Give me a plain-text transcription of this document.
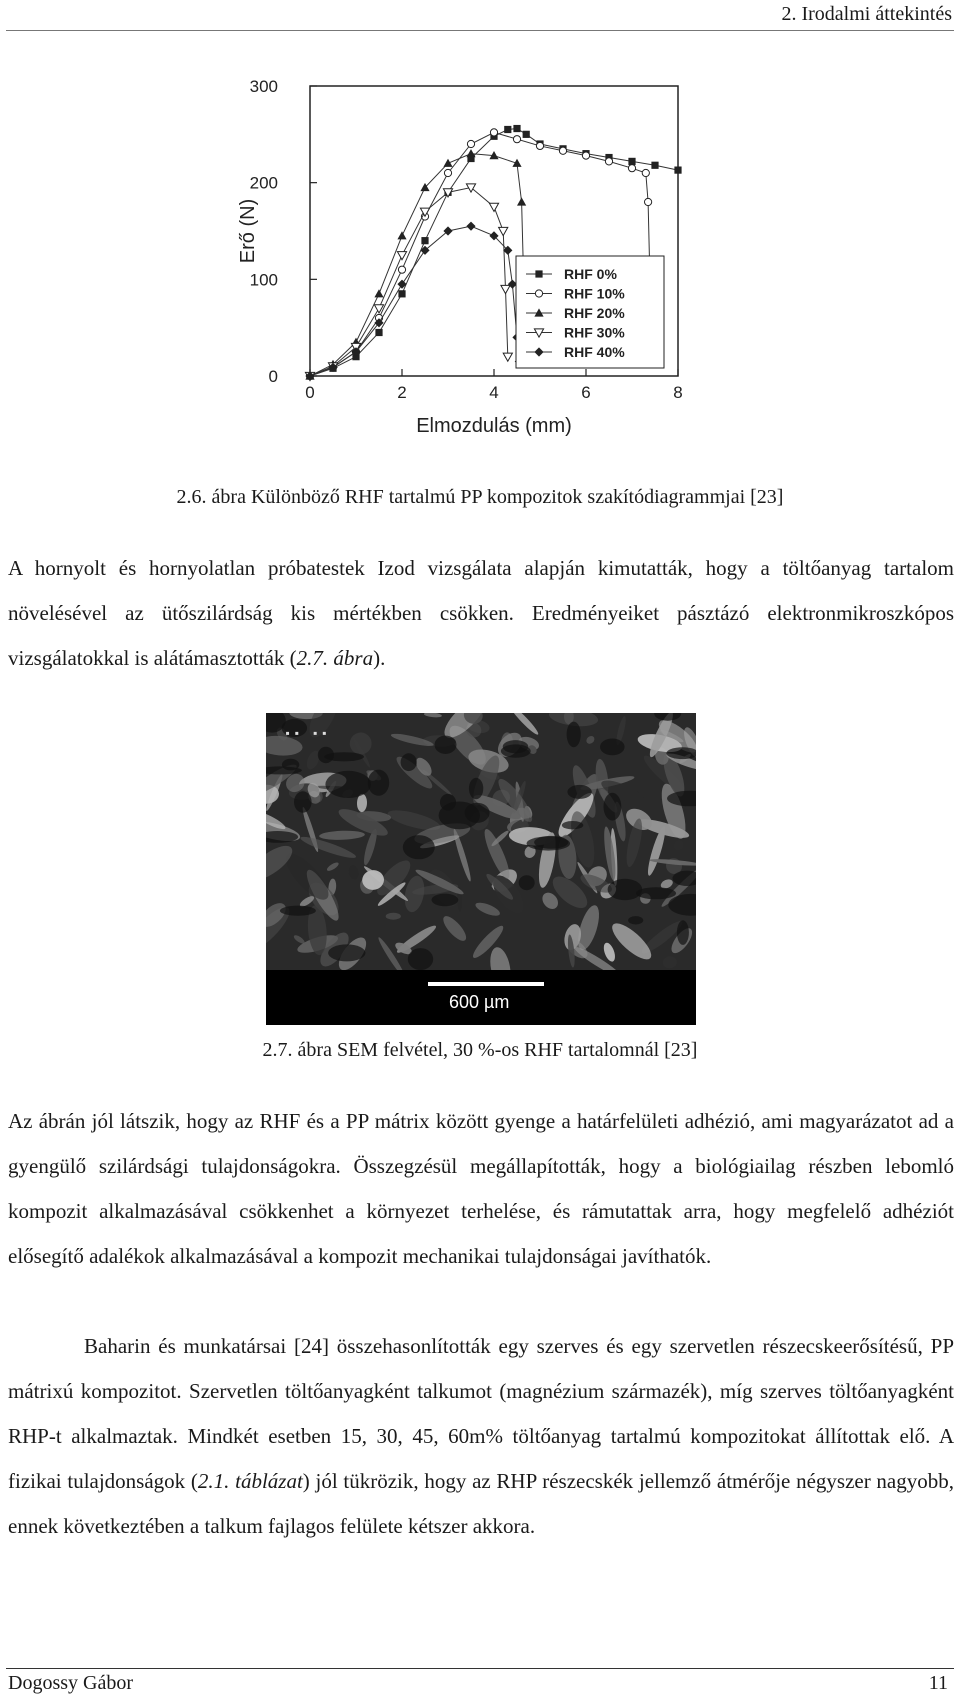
2. Irodalmi áttekintés
0	2	4	6	8
0
100
200
300
Elmozdulás (mm)
Erő (N)
RHF 0%
RHF 10%
RHF 20%
RHF 30%
RHF 40%
2.6. ábra Különböző RHF tartalmú PP kompozitok szakítódiagrammjai [23]

A hornyolt és hornyolatlan próbatestek Izod vizsgálata alapján kimutatták, hogy a töltőanyag tartalom növelésével az ütőszilárdság kis mértékben csökken. Eredményeiket pásztázó elektronmikroszkópos vizsgálatokkal is alátámasztották (2.7. ábra).

▪▪ ▪▪
600 µm
2.7. ábra SEM felvétel, 30 %-os RHF tartalomnál [23]

Az ábrán jól látszik, hogy az RHF és a PP mátrix között gyenge a határfelületi adhézió, ami magyarázatot ad a gyengülő szilárdsági tulajdonságokra. Összegzésül megállapították, hogy a biológiailag részben lebomló kompozit alkalmazásával csökkenhet a környezet terhelése, és rámutattak arra, hogy megfelelő adhéziót elősegítő adalékok alkalmazásával a kompozit mechanikai tulajdonságai javíthatók.

Baharin és munkatársai [24] összehasonlították egy szerves és egy szervetlen részecskeerősítésű, PP mátrixú kompozitot. Szervetlen töltőanyagként talkumot (magnézium származék), míg szerves töltőanyagként RHP-t alkalmaztak. Mindkét esetben 15, 30, 45, 60m% töltőanyag tartalmú kompozitokat állítottak elő. A fizikai tulajdonságok (2.1. táblázat) jól tükrözik, hogy az RHP részecskék jellemző átmérője négyszer nagyobb, ennek következtében a talkum fajlagos felülete kétszer akkora.

Dogossy Gábor	11
